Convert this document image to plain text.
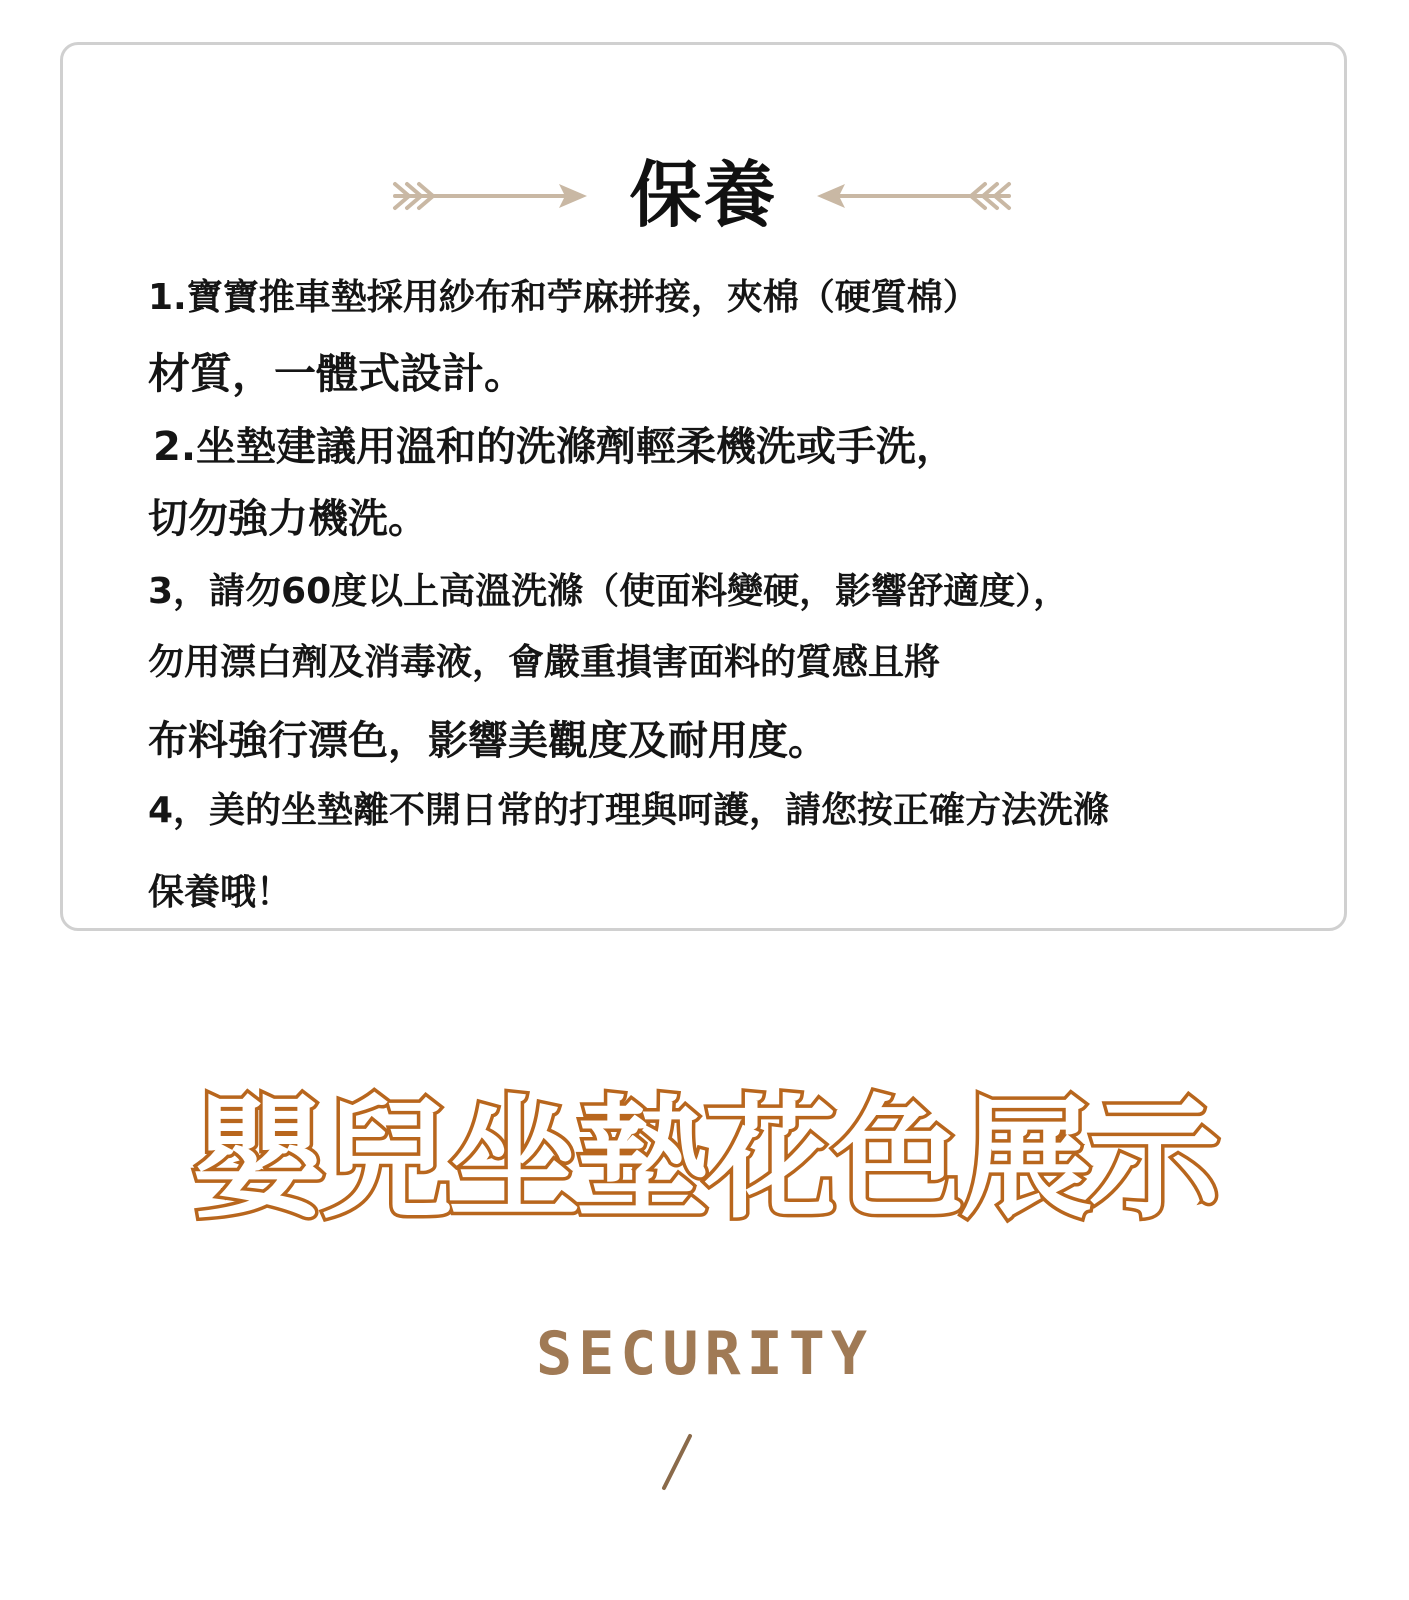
保養
1.寶寶推車墊採用紗布和苧麻拼接，夾棉（硬質棉）
材質，一體式設計。
2.坐墊建議用溫和的洗滌劑輕柔機洗或手洗，
切勿強力機洗。
3，請勿60度以上高溫洗滌（使面料變硬，影響舒適度），
勿用漂白劑及消毒液，會嚴重損害面料的質感且將
布料強行漂色，影響美觀度及耐用度。
4，美的坐墊離不開日常的打理與呵護，請您按正確方法洗滌
保養哦！
嬰兒坐墊花色展示
SECURITY
